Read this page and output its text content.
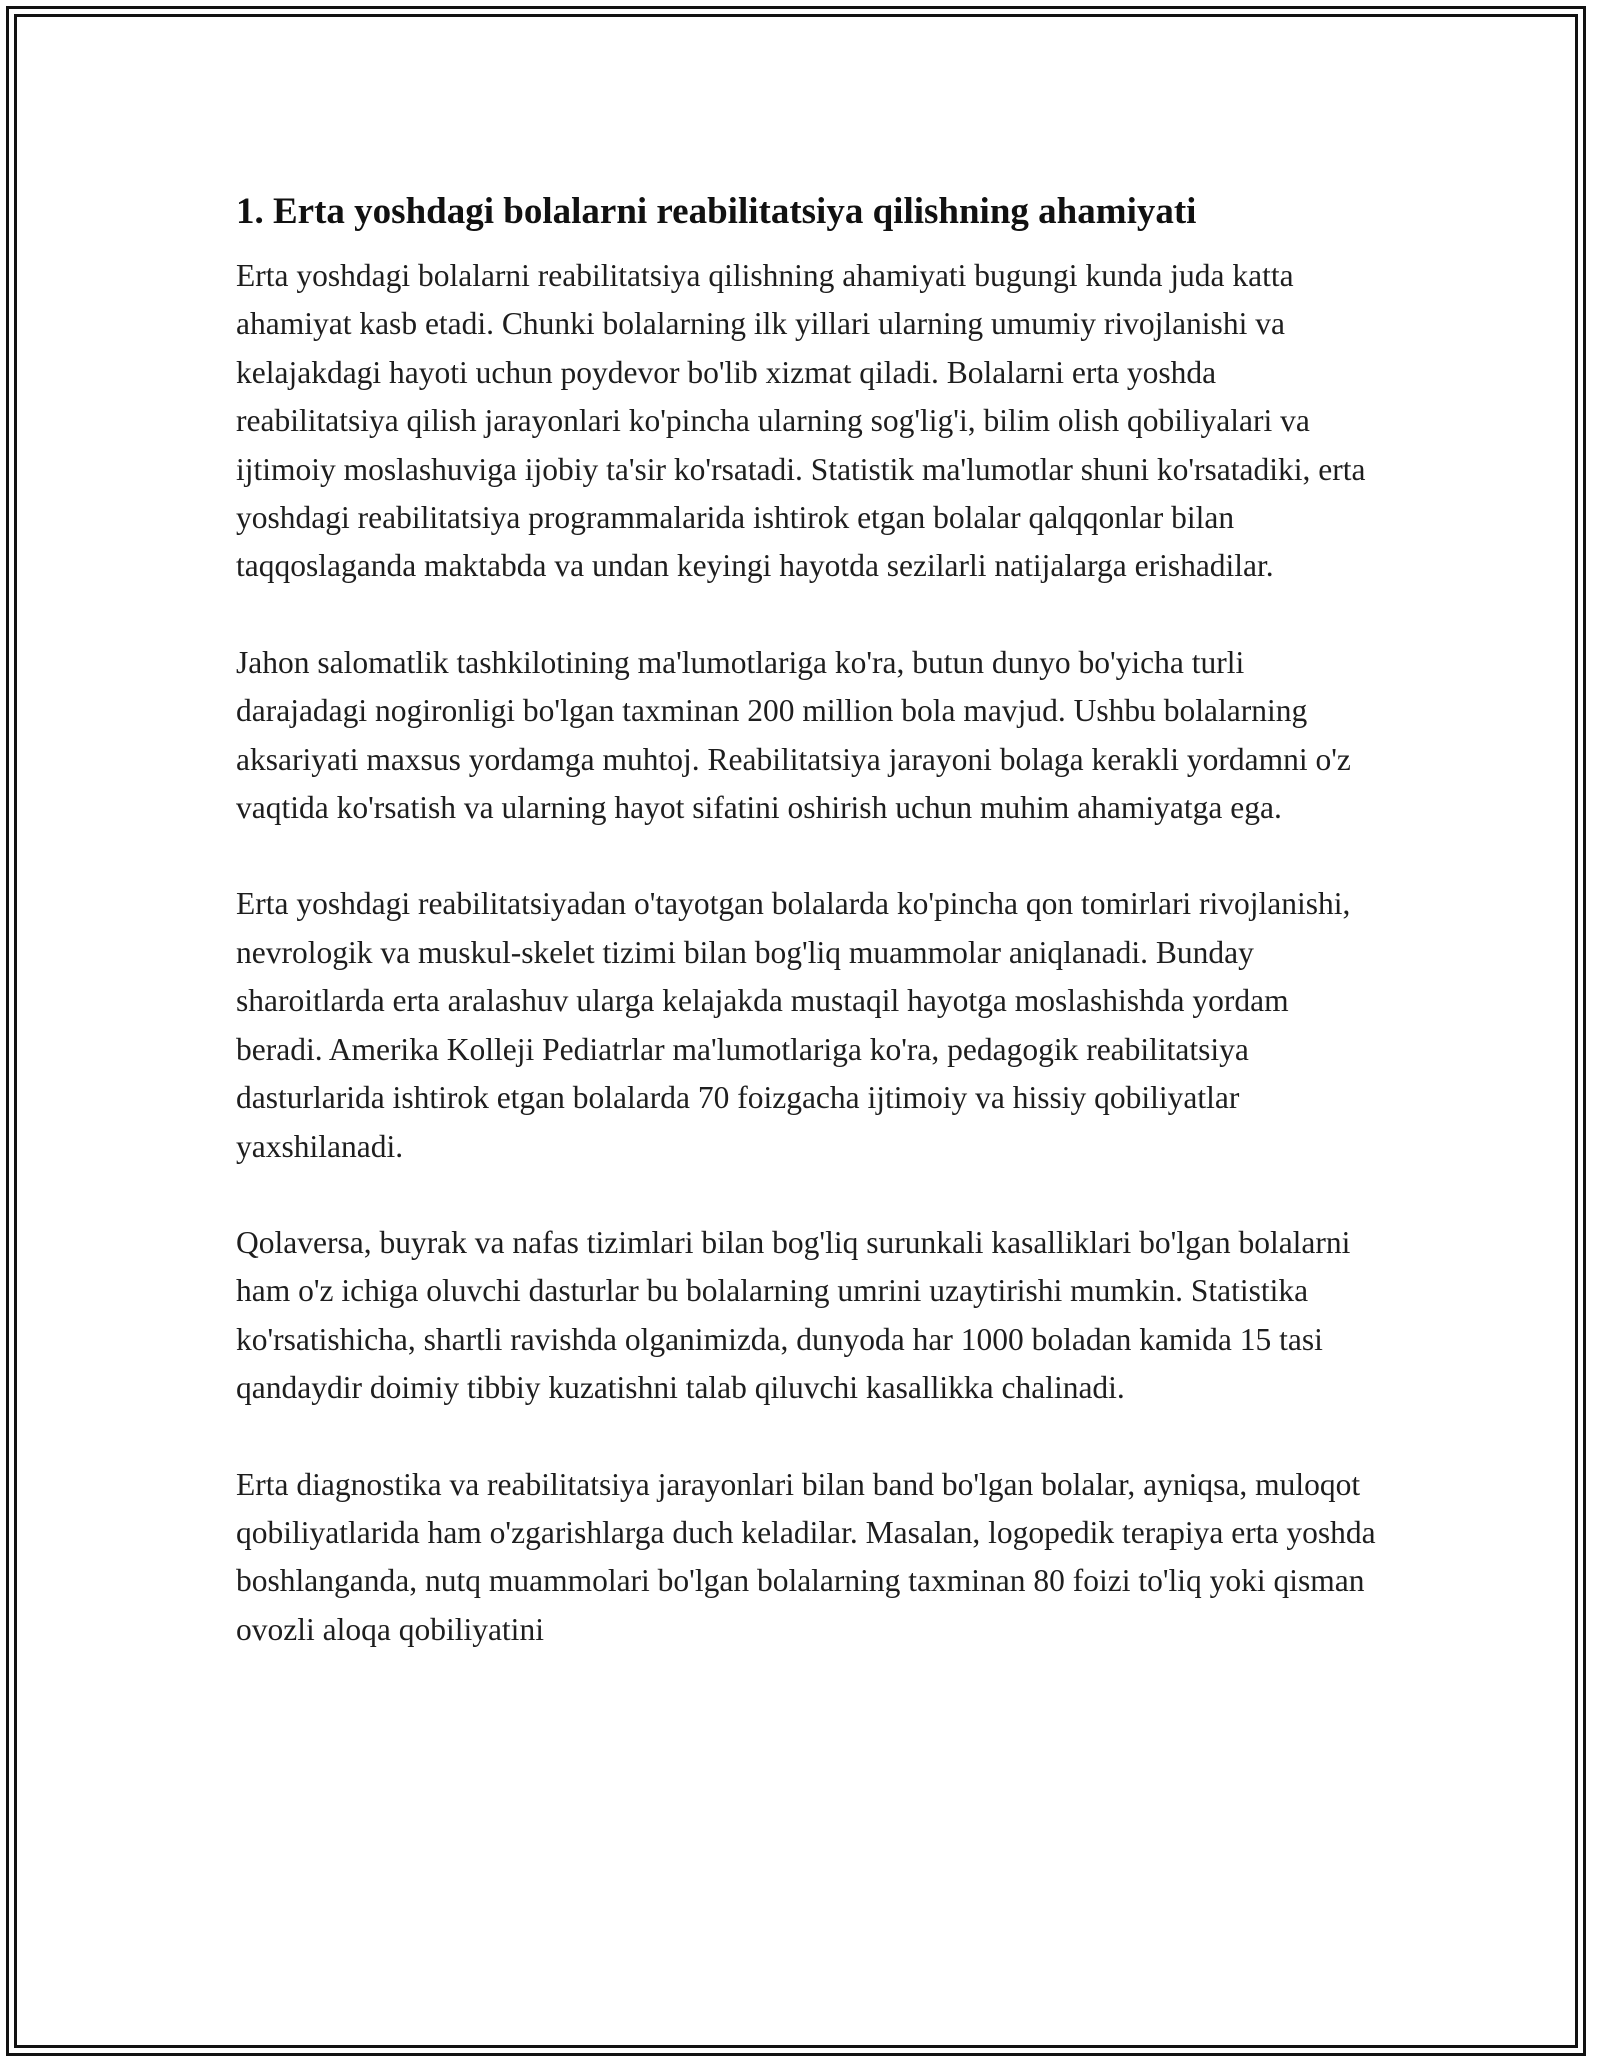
1. Erta yoshdagi bolalarni reabilitatsiya qilishning ahamiyati

Erta yoshdagi bolalarni reabilitatsiya qilishning ahamiyati bugungi kunda juda katta ahamiyat kasb etadi. Chunki bolalarning ilk yillari ularning umumiy rivojlanishi va kelajakdagi hayoti uchun poydevor bo'lib xizmat qiladi. Bolalarni erta yoshda reabilitatsiya qilish jarayonlari ko'pincha ularning sog'lig'i, bilim olish qobiliyalari va ijtimoiy moslashuviga ijobiy ta'sir ko'rsatadi. Statistik ma'lumotlar shuni ko'rsatadiki, erta yoshdagi reabilitatsiya programmalarida ishtirok etgan bolalar qalqqonlar bilan taqqoslaganda maktabda va undan keyingi hayotda sezilarli natijalarga erishadilar.

Jahon salomatlik tashkilotining ma'lumotlariga ko'ra, butun dunyo bo'yicha turli darajadagi nogironligi bo'lgan taxminan 200 million bola mavjud. Ushbu bolalarning aksariyati maxsus yordamga muhtoj. Reabilitatsiya jarayoni bolaga kerakli yordamni o'z vaqtida ko'rsatish va ularning hayot sifatini oshirish uchun muhim ahamiyatga ega.

Erta yoshdagi reabilitatsiyadan o'tayotgan bolalarda ko'pincha qon tomirlari rivojlanishi, nevrologik va muskul-skelet tizimi bilan bog'liq muammolar aniqlanadi. Bunday sharoitlarda erta aralashuv ularga kelajakda mustaqil hayotga moslashishda yordam beradi. Amerika Kolleji Pediatrlar ma'lumotlariga ko'ra, pedagogik reabilitatsiya dasturlarida ishtirok etgan bolalarda 70 foizgacha ijtimoiy va hissiy qobiliyatlar yaxshilanadi.

Qolaversa, buyrak va nafas tizimlari bilan bog'liq surunkali kasalliklari bo'lgan bolalarni ham o'z ichiga oluvchi dasturlar bu bolalarning umrini uzaytirishi mumkin. Statistika ko'rsatishicha, shartli ravishda olganimizda, dunyoda har 1000 boladan kamida 15 tasi qandaydir doimiy tibbiy kuzatishni talab qiluvchi kasallikka chalinadi.

Erta diagnostika va reabilitatsiya jarayonlari bilan band bo'lgan bolalar, ayniqsa, muloqot qobiliyatlarida ham o'zgarishlarga duch keladilar. Masalan, logopedik terapiya erta yoshda boshlanganda, nutq muammolari bo'lgan bolalarning taxminan 80 foizi to'liq yoki qisman ovozli aloqa qobiliyatini
